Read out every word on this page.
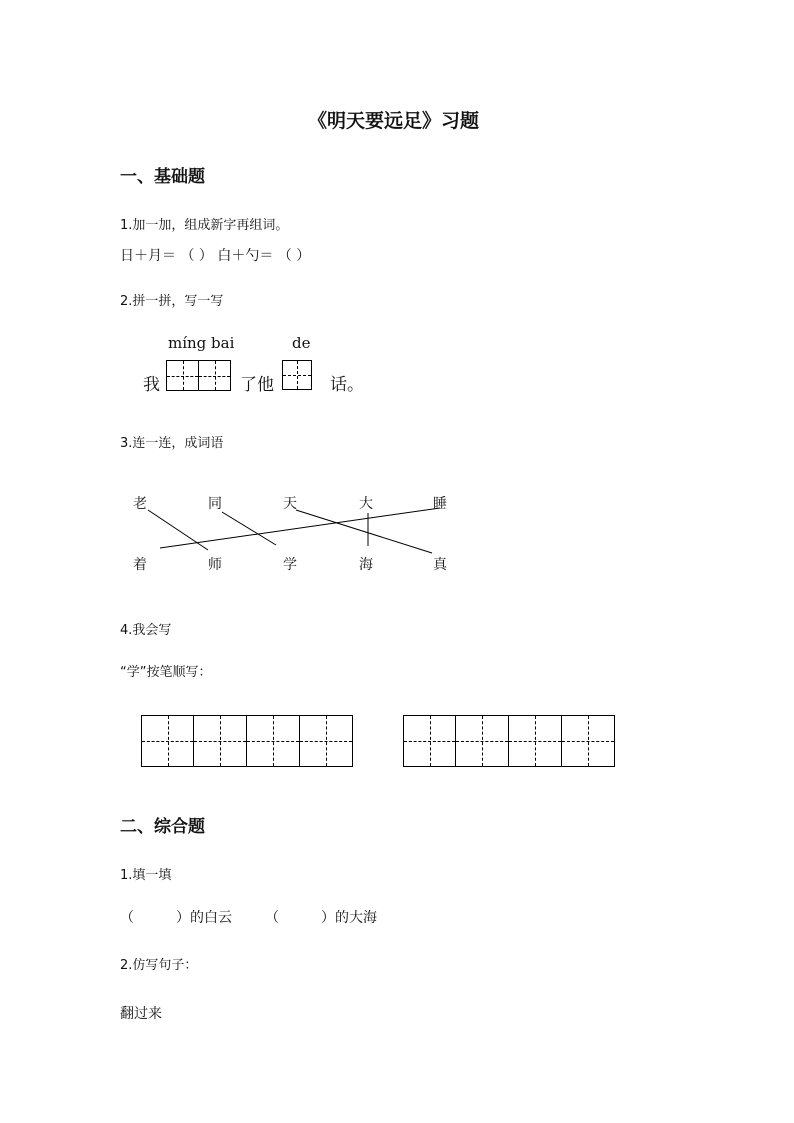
《明天要远足》习题
一、基础题
1.加一加，组成新字再组词。
日＋月＝ （ ） 白＋勺＝ （ ）
2.拼一拼，写一写
míng bai	de
我	了他	话。
3.连一连，成词语
老	同	天	大	睡
着	师	学	海	真
4.我会写
“学”按笔顺写：
二、综合题
1.填一填
（　　　）的白云 （　　　）的大海
2.仿写句子：
翻过来
